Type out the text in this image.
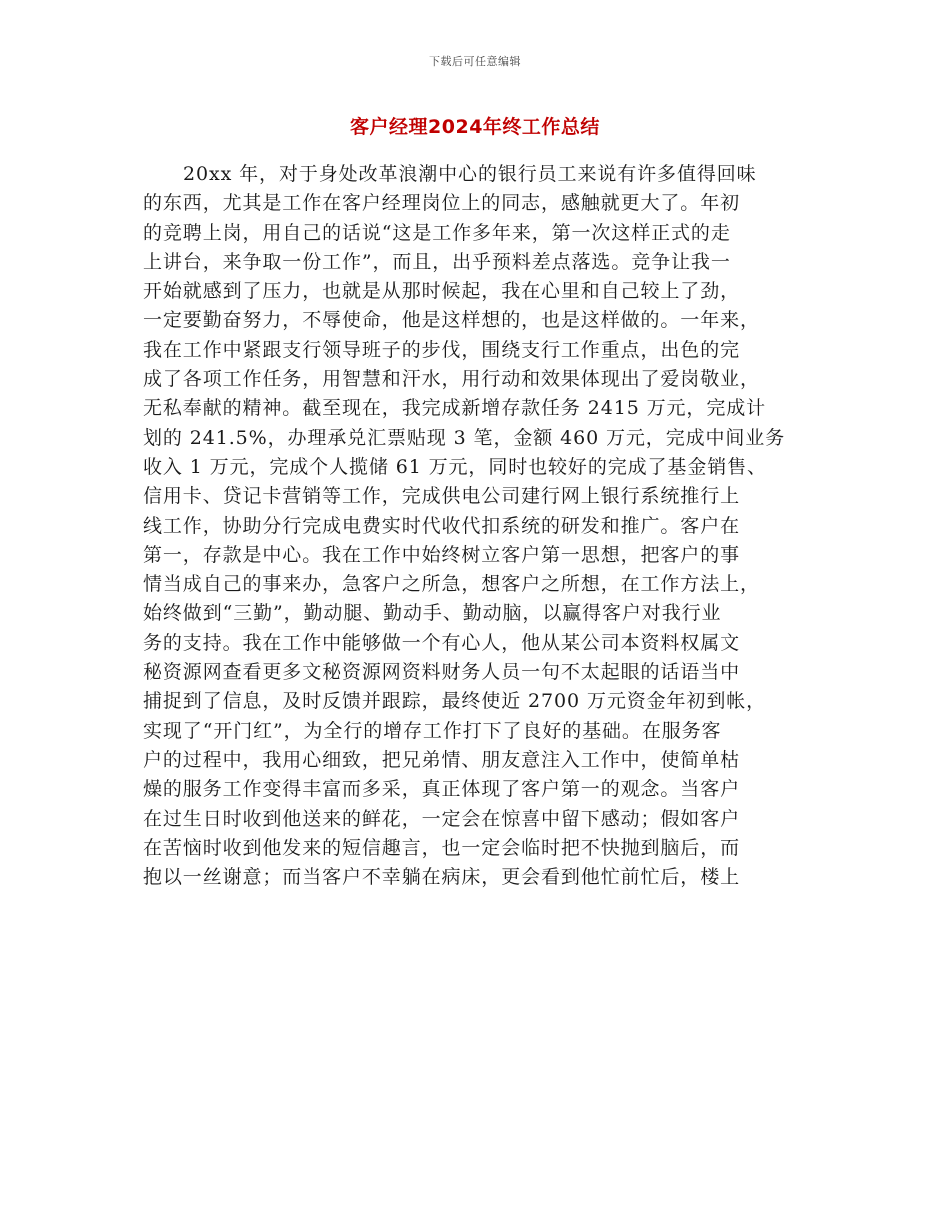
下载后可任意编辑
客户经理2024年终工作总结
20xx 年，对于身处改革浪潮中心的银行员工来说有许多值得回味
的东西，尤其是工作在客户经理岗位上的同志，感触就更大了。年初
的竞聘上岗，用自己的话说“这是工作多年来，第一次这样正式的走
上讲台，来争取一份工作”，而且，出乎预料差点落选。竞争让我一
开始就感到了压力，也就是从那时候起，我在心里和自己较上了劲，
一定要勤奋努力，不辱使命，他是这样想的，也是这样做的。一年来，
我在工作中紧跟支行领导班子的步伐，围绕支行工作重点，出色的完
成了各项工作任务，用智慧和汗水，用行动和效果体现出了爱岗敬业，
无私奉献的精神。截至现在，我完成新增存款任务 2415 万元，完成计
划的 241.5%，办理承兑汇票贴现 3 笔，金额 460 万元，完成中间业务
收入 1 万元，完成个人揽储 61 万元，同时也较好的完成了基金销售、
信用卡、贷记卡营销等工作，完成供电公司建行网上银行系统推行上
线工作，协助分行完成电费实时代收代扣系统的研发和推广。客户在
第一，存款是中心。我在工作中始终树立客户第一思想，把客户的事
情当成自己的事来办，急客户之所急，想客户之所想，在工作方法上，
始终做到“三勤”，勤动腿、勤动手、勤动脑，以赢得客户对我行业
务的支持。我在工作中能够做一个有心人，他从某公司本资料权属文
秘资源网查看更多文秘资源网资料财务人员一句不太起眼的话语当中
捕捉到了信息，及时反馈并跟踪，最终使近 2700 万元资金年初到帐，
实现了“开门红”，为全行的增存工作打下了良好的基础。在服务客
户的过程中，我用心细致，把兄弟情、朋友意注入工作中，使简单枯
燥的服务工作变得丰富而多采，真正体现了客户第一的观念。当客户
在过生日时收到他送来的鲜花，一定会在惊喜中留下感动；假如客户
在苦恼时收到他发来的短信趣言，也一定会临时把不快抛到脑后，而
抱以一丝谢意；而当客户不幸躺在病床，更会看到他忙前忙后，楼上
